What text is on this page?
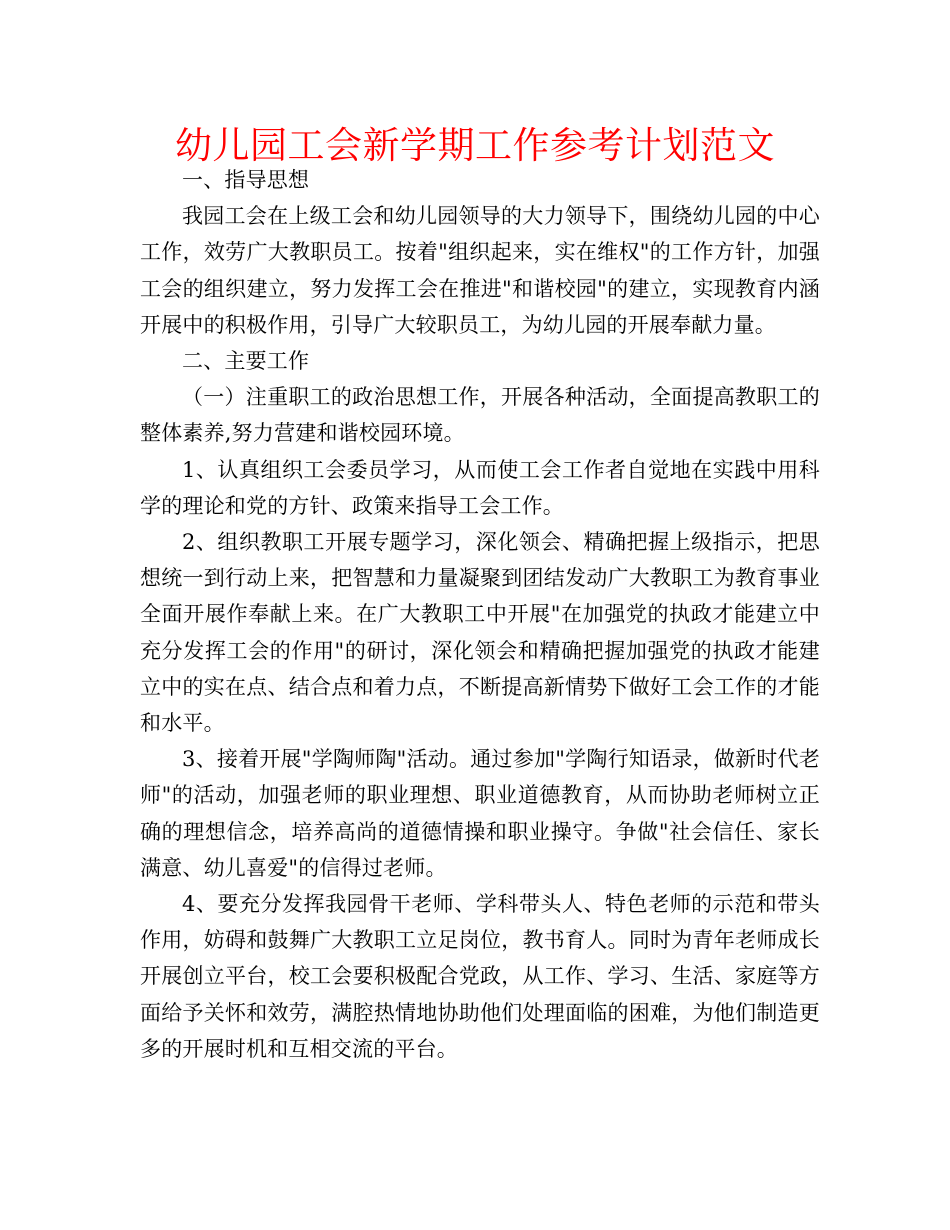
幼儿园工会新学期工作参考计划范文

一、指导思想

我园工会在上级工会和幼儿园领导的大力领导下，围绕幼儿园的中心工作，效劳广大教职员工。按着"组织起来，实在维权"的工作方针，加强工会的组织建立，努力发挥工会在推进"和谐校园"的建立，实现教育内涵开展中的积极作用，引导广大较职员工，为幼儿园的开展奉献力量。

二、主要工作

（一）注重职工的政治思想工作，开展各种活动，全面提高教职工的整体素养,努力营建和谐校园环境。

1、认真组织工会委员学习，从而使工会工作者自觉地在实践中用科学的理论和党的方针、政策来指导工会工作。

2、组织教职工开展专题学习，深化领会、精确把握上级指示，把思想统一到行动上来，把智慧和力量凝聚到团结发动广大教职工为教育事业全面开展作奉献上来。在广大教职工中开展"在加强党的执政才能建立中充分发挥工会的作用"的研讨，深化领会和精确把握加强党的执政才能建立中的实在点、结合点和着力点，不断提高新情势下做好工会工作的才能和水平。

3、接着开展"学陶师陶"活动。通过参加"学陶行知语录，做新时代老师"的活动，加强老师的职业理想、职业道德教育，从而协助老师树立正确的理想信念，培养高尚的道德情操和职业操守。争做"社会信任、家长满意、幼儿喜爱"的信得过老师。

4、要充分发挥我园骨干老师、学科带头人、特色老师的示范和带头作用，妨碍和鼓舞广大教职工立足岗位，教书育人。同时为青年老师成长开展创立平台，校工会要积极配合党政，从工作、学习、生活、家庭等方面给予关怀和效劳，满腔热情地协助他们处理面临的困难，为他们制造更多的开展时机和互相交流的平台。
